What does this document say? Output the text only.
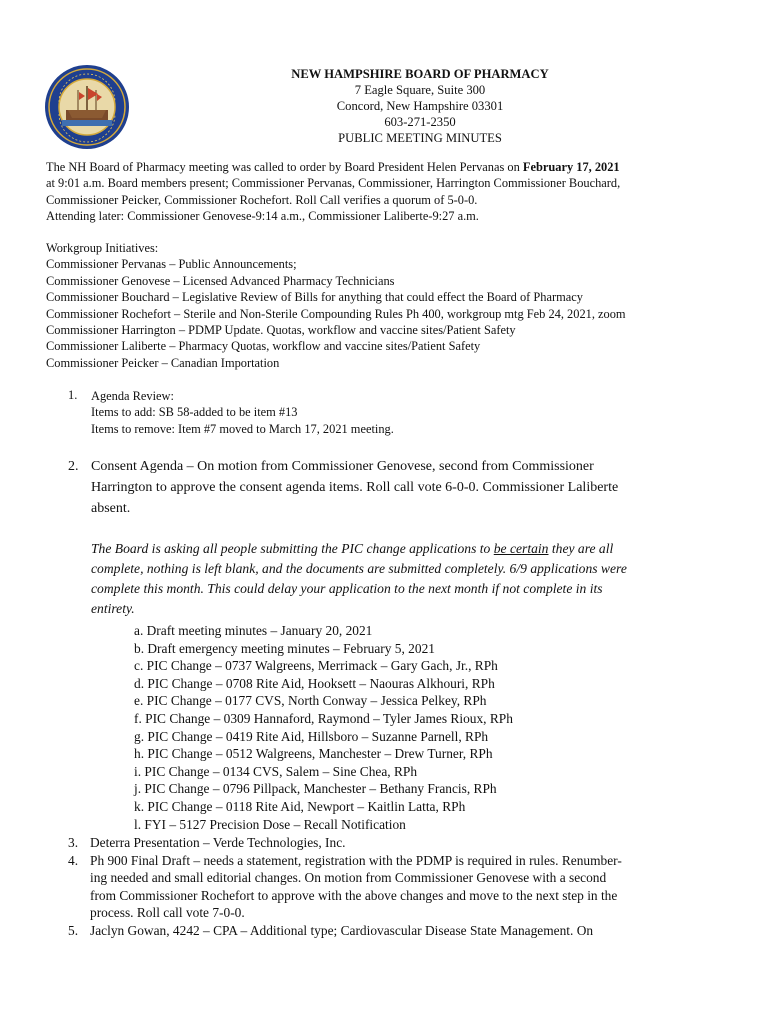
NEW HAMPSHIRE BOARD OF PHARMACY
7 Eagle Square, Suite 300
Concord, New Hampshire 03301
603-271-2350
PUBLIC MEETING MINUTES
The NH Board of Pharmacy meeting was called to order by Board President Helen Pervanas on February 17, 2021
at 9:01 a.m. Board members present; Commissioner Pervanas, Commissioner, Harrington Commissioner Bouchard,
Commissioner Peicker, Commissioner Rochefort. Roll Call verifies a quorum of 5-0-0.
Attending later: Commissioner Genovese-9:14 a.m., Commissioner Laliberte-9:27 a.m.
Workgroup Initiatives:
Commissioner Pervanas – Public Announcements;
Commissioner Genovese – Licensed Advanced Pharmacy Technicians
Commissioner Bouchard – Legislative Review of Bills for anything that could effect the Board of Pharmacy
Commissioner Rochefort – Sterile and Non-Sterile Compounding Rules Ph 400, workgroup mtg Feb 24, 2021, zoom
Commissioner Harrington – PDMP Update. Quotas, workflow and vaccine sites/Patient Safety
Commissioner Laliberte – Pharmacy Quotas, workflow and vaccine sites/Patient Safety
Commissioner Peicker – Canadian Importation
1. Agenda Review:
Items to add: SB 58-added to be item #13
Items to remove: Item #7 moved to March 17, 2021 meeting.
2. Consent Agenda – On motion from Commissioner Genovese, second from Commissioner
Harrington to approve the consent agenda items. Roll call vote 6-0-0. Commissioner Laliberte
absent.
The Board is asking all people submitting the PIC change applications to be certain they are all
complete, nothing is left blank, and the documents are submitted completely. 6/9 applications were
complete this month. This could delay your application to the next month if not complete in its
entirety.
a. Draft meeting minutes – January 20, 2021
b. Draft emergency meeting minutes – February 5, 2021
c. PIC Change – 0737 Walgreens, Merrimack – Gary Gach, Jr., RPh
d. PIC Change – 0708 Rite Aid, Hooksett – Naouras Alkhouri, RPh
e. PIC Change – 0177 CVS, North Conway – Jessica Pelkey, RPh
f. PIC Change – 0309 Hannaford, Raymond – Tyler James Rioux, RPh
g. PIC Change – 0419 Rite Aid, Hillsboro – Suzanne Parnell, RPh
h. PIC Change – 0512 Walgreens, Manchester – Drew Turner, RPh
i. PIC Change – 0134 CVS, Salem – Sine Chea, RPh
j. PIC Change – 0796 Pillpack, Manchester – Bethany Francis, RPh
k. PIC Change – 0118 Rite Aid, Newport – Kaitlin Latta, RPh
l. FYI – 5127 Precision Dose – Recall Notification
3. Deterra Presentation – Verde Technologies, Inc.
4. Ph 900 Final Draft – needs a statement, registration with the PDMP is required in rules. Renumber-
ing needed and small editorial changes. On motion from Commissioner Genovese with a second
from Commissioner Rochefort to approve with the above changes and move to the next step in the
process. Roll call vote 7-0-0.
5. Jaclyn Gowan, 4242 – CPA – Additional type; Cardiovascular Disease State Management. On
